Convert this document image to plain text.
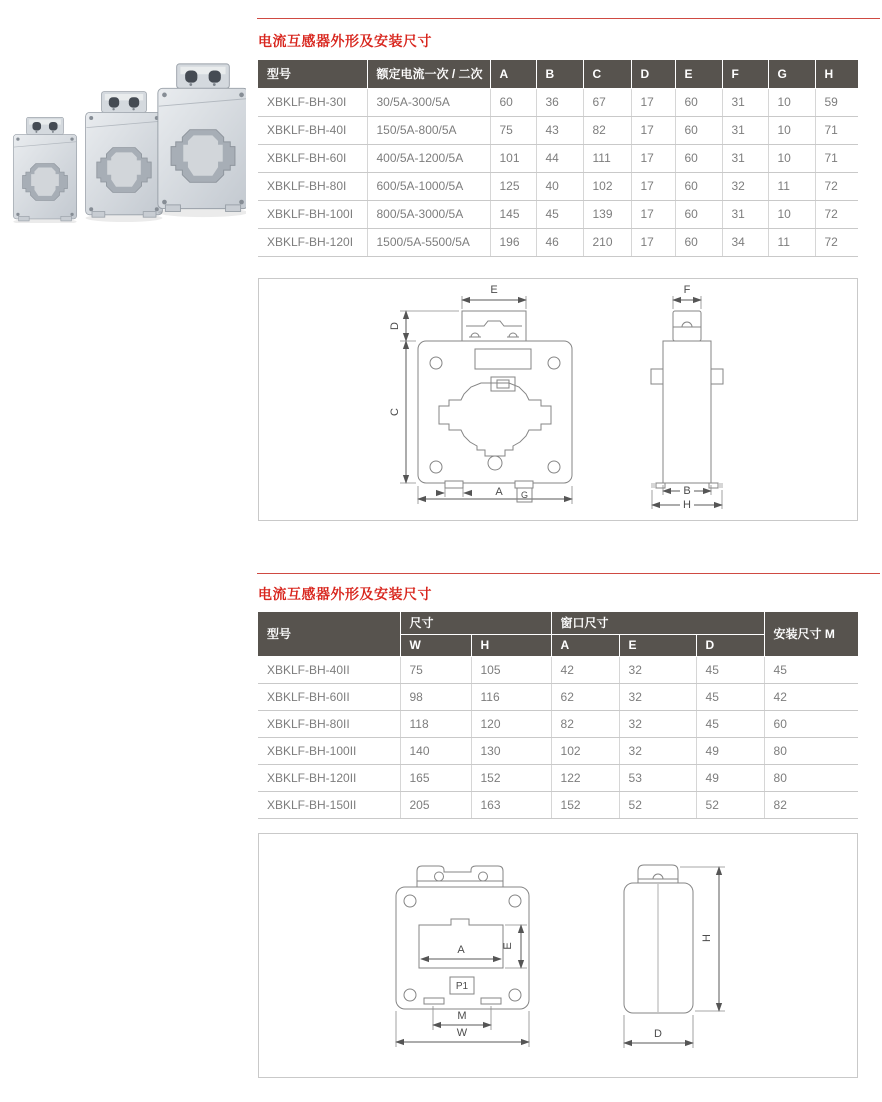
电流互感器外形及安装尺寸
型号	额定电流一次 / 二次	A	B	C	D	E	F	G	H
XBKLF-BH-30I	30/5A-300/5A	60	36	67	17	60	31	10	59
XBKLF-BH-40I	150/5A-800/5A	75	43	82	17	60	31	10	71
XBKLF-BH-60I	400/5A-1200/5A	101	44	111	17	60	31	10	71
XBKLF-BH-80I	600/5A-1000/5A	125	40	102	17	60	32	11	72
XBKLF-BH-100I	800/5A-3000/5A	145	45	139	17	60	31	10	72
XBKLF-BH-120I	1500/5A-5500/5A	196	46	210	17	60	34	11	72
E
D
C
A G
F
B
H
电流互感器外形及安装尺寸
型号	尺寸		窗口尺寸			安装尺寸 M
	W	H	A	E	D	
XBKLF-BH-40II	75	105	42	32	45	45
XBKLF-BH-60II	98	116	62	32	45	42
XBKLF-BH-80II	118	120	82	32	45	60
XBKLF-BH-100II	140	130	102	32	49	80
XBKLF-BH-120II	165	152	122	53	49	80
XBKLF-BH-150II	205	163	152	52	52	82
P1
A	E
M
W
H
D
